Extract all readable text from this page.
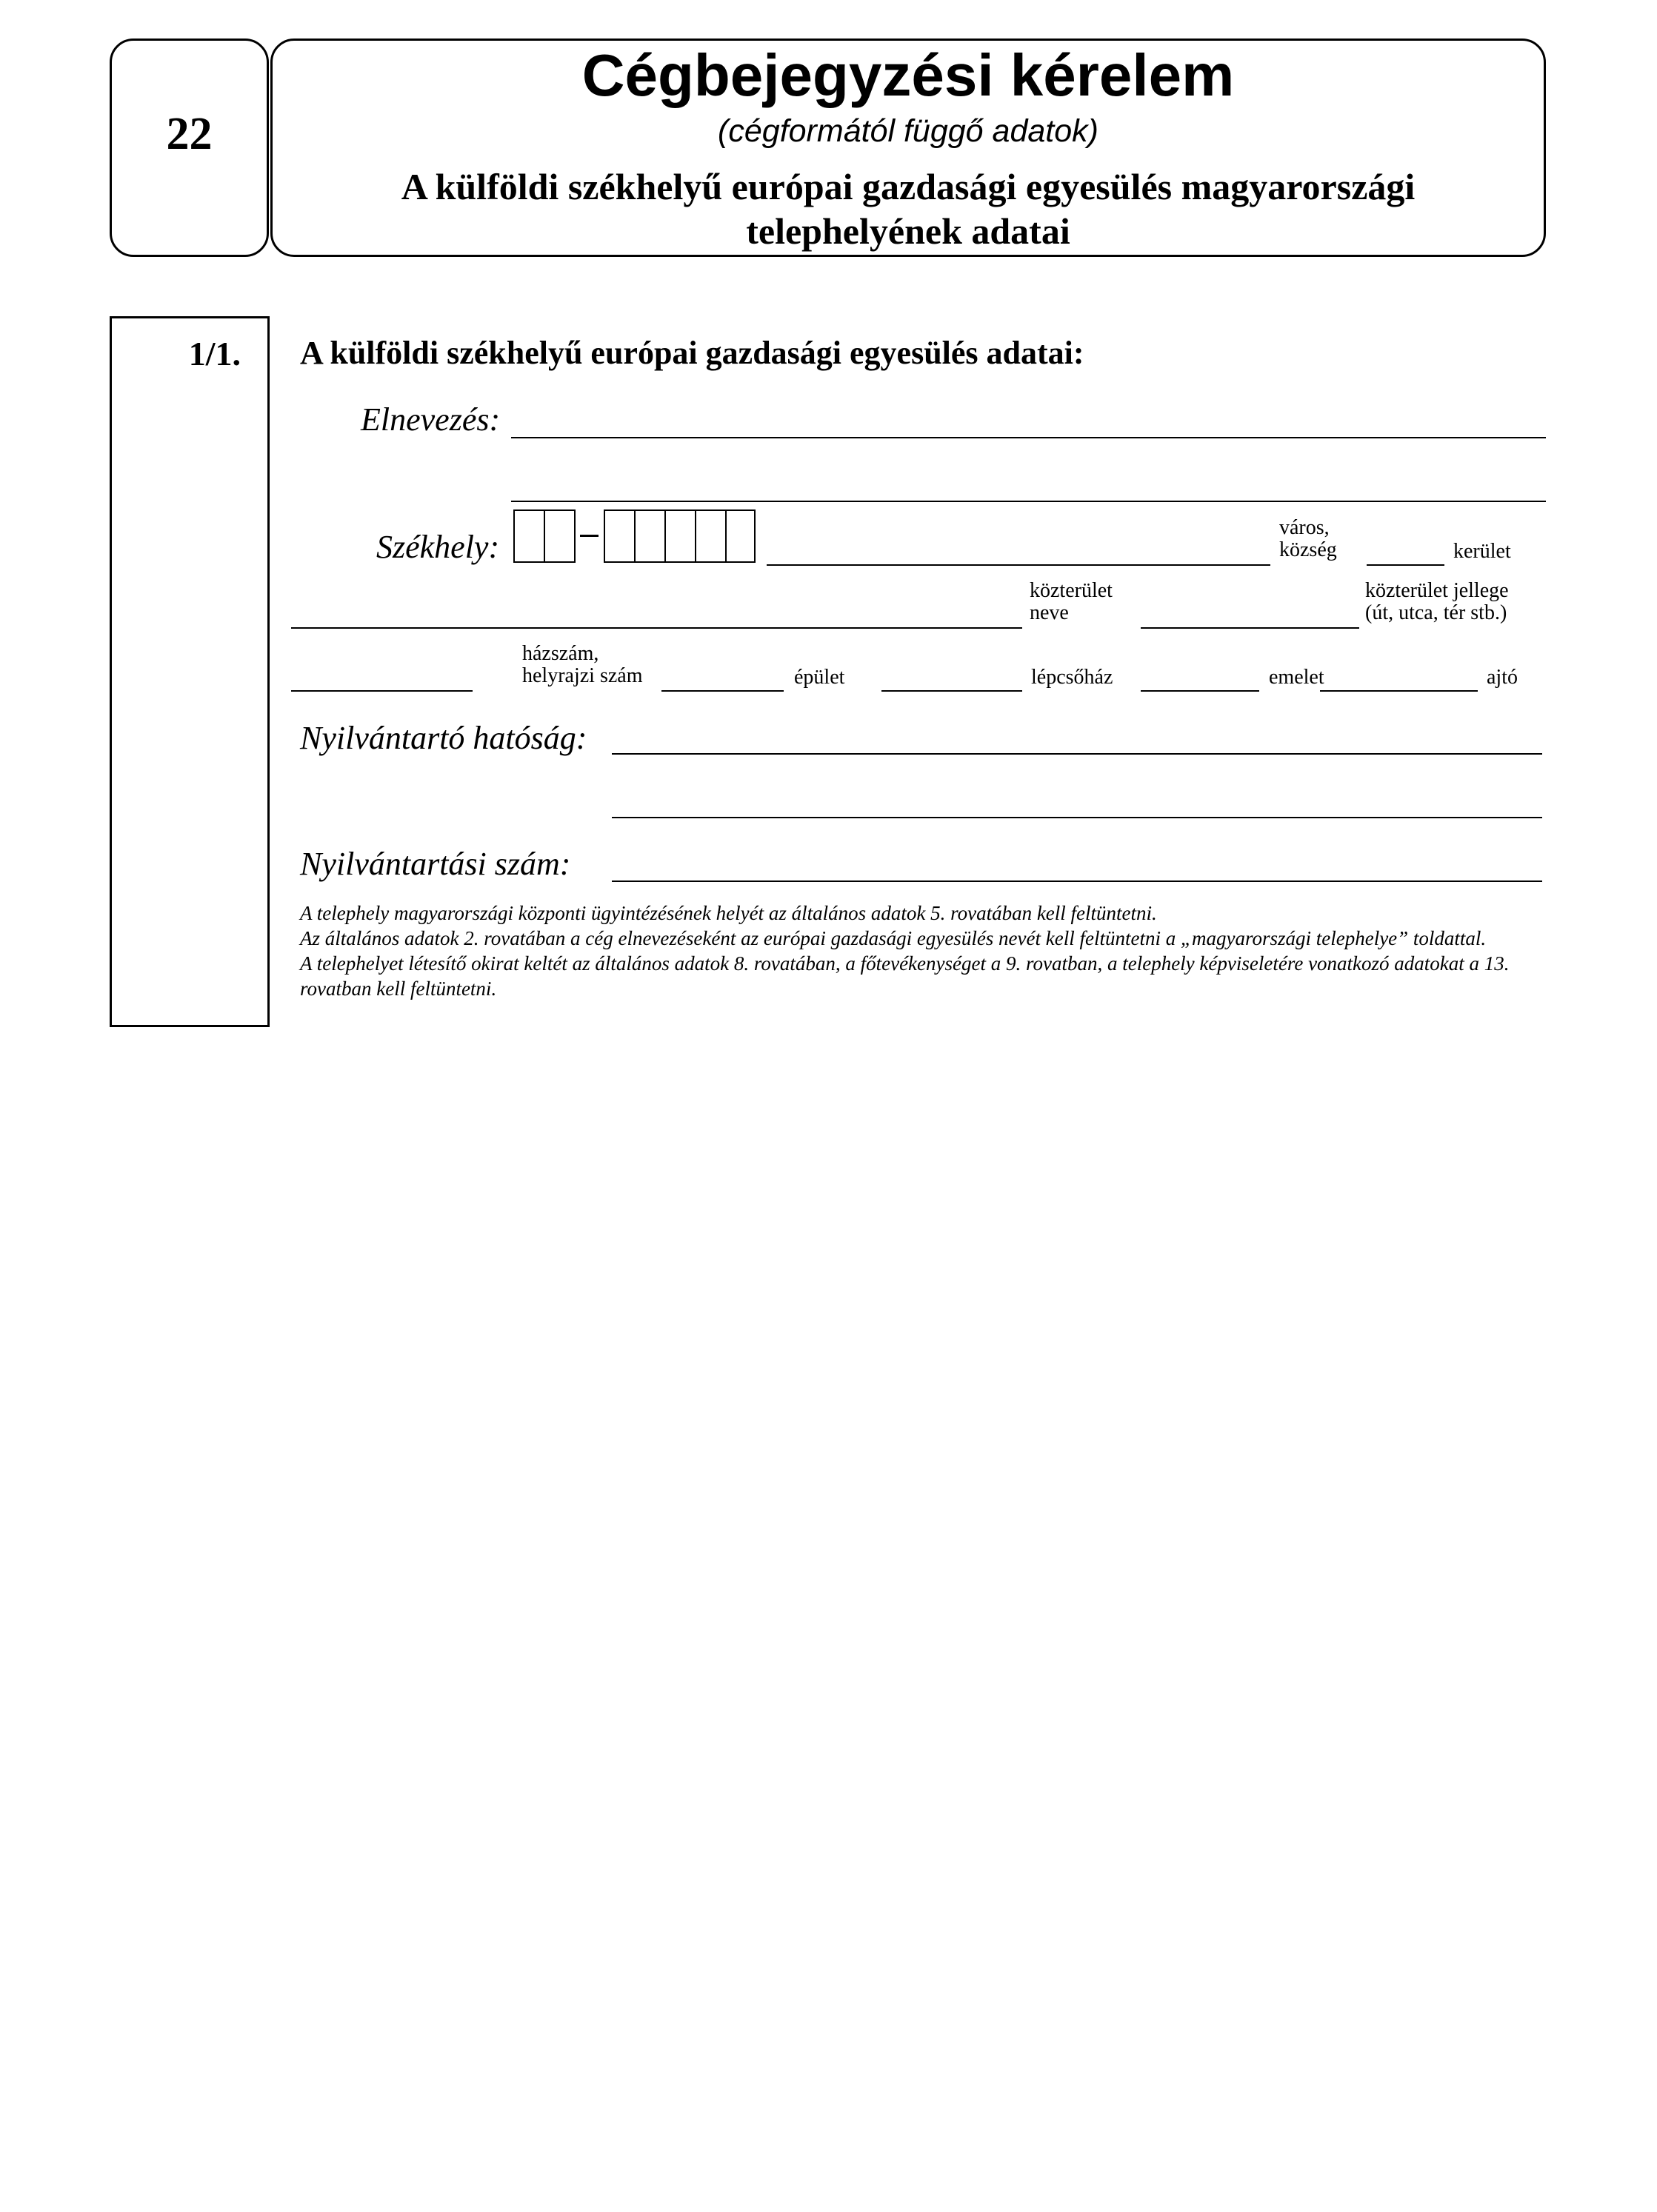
22
Cégbejegyzési kérelem
(cégformától függő adatok)
A külföldi székhelyű európai gazdasági egyesülés magyarországi
telephelyének adatai
1/1. A külföldi székhelyű európai gazdasági egyesülés adatai:
Elnevezés:
Székhely:
város,
község	kerület
közterület
neve
közterület jellege
(út, utca, tér stb.)
házszám,
helyrajzi szám	épület	lépcsőház	emelet	ajtó
Nyilvántartó hatóság:
Nyilvántartási szám:
A telephely magyarországi központi ügyintézésének helyét az általános adatok 5. rovatában kell feltüntetni.
Az általános adatok 2. rovatában a cég elnevezéseként az európai gazdasági egyesülés nevét kell feltüntetni a „magyarországi telephelye” toldattal.
A telephelyet létesítő okirat keltét az általános adatok 8. rovatában, a főtevékenységet a 9. rovatban, a telephely képviseletére vonatkozó adatokat a 13. rovatban kell feltüntetni.
